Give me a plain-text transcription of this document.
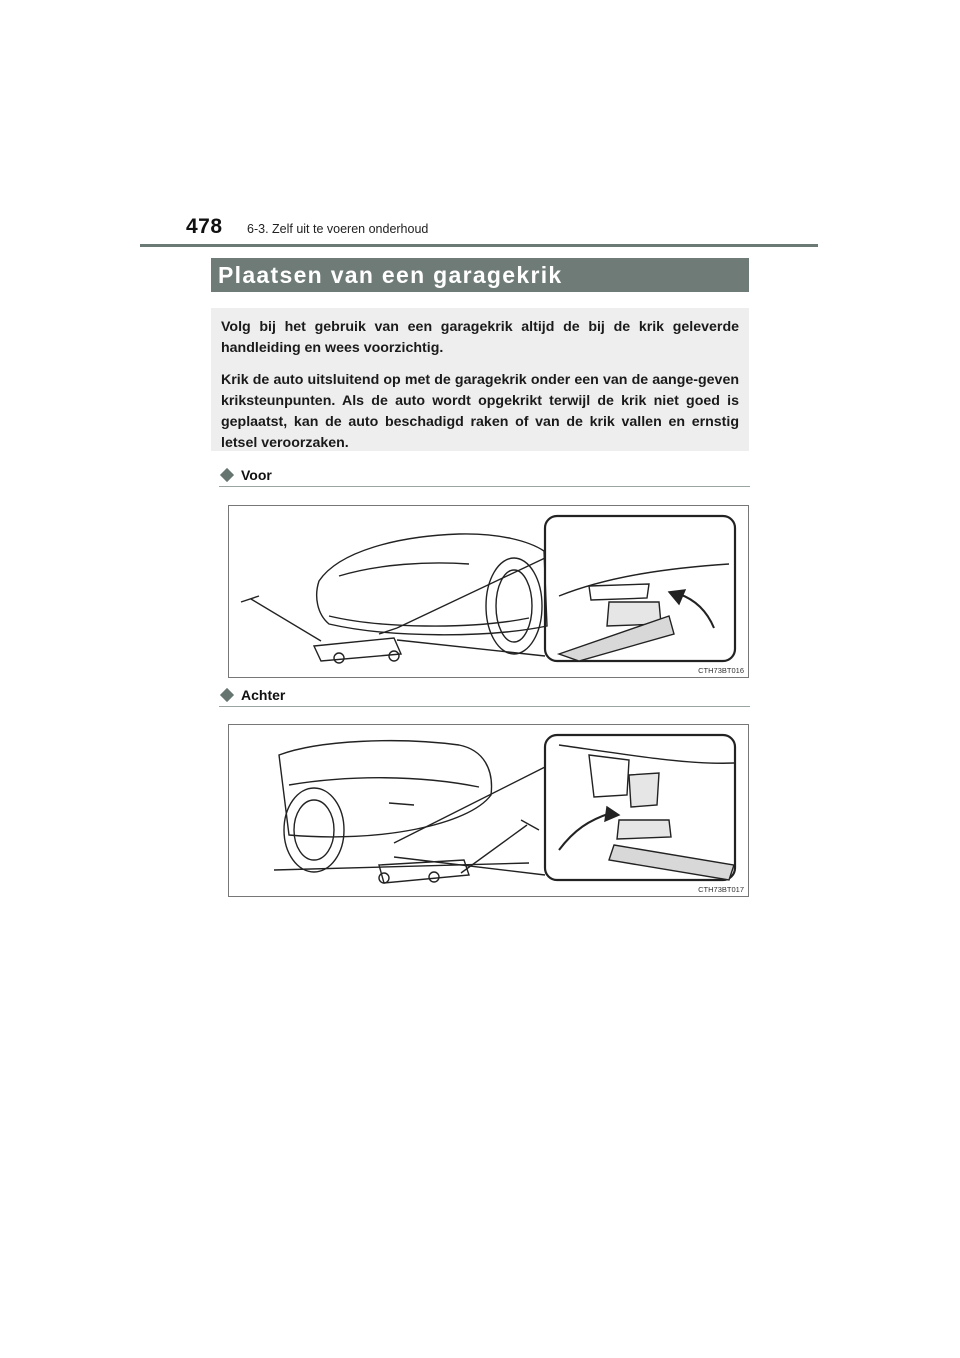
478 6-3. Zelf uit te voeren onderhoud
Plaatsen van een garagekrik

Volg bij het gebruik van een garagekrik altijd de bij de krik geleverde handleiding en wees voorzichtig.

Krik de auto uitsluitend op met de garagekrik onder een van de aange-geven kriksteunpunten. Als de auto wordt opgekrikt terwijl de krik niet goed is geplaatst, kan de auto beschadigd raken of van de krik vallen en ernstig letsel veroorzaken.

Voor
CTH73BT016
Achter
CTH73BT017
